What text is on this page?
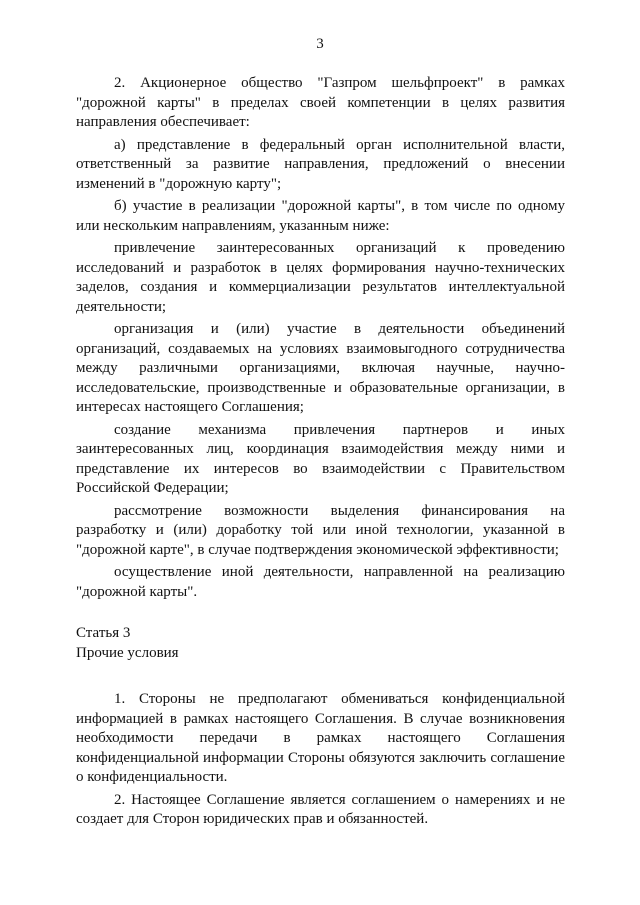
3

2. Акционерное общество "Газпром шельфпроект" в рамках "дорожной карты" в пределах своей компетенции в целях развития направления обеспечивает:

а) представление в федеральный орган исполнительной власти, ответственный за развитие направления, предложений о внесении изменений в "дорожную карту";

б) участие в реализации "дорожной карты", в том числе по одному или нескольким направлениям, указанным ниже:

привлечение заинтересованных организаций к проведению исследований и разработок в целях формирования научно-технических заделов, создания и коммерциализации результатов интеллектуальной деятельности;

организация и (или) участие в деятельности объединений организаций, создаваемых на условиях взаимовыгодного сотрудничества между различными организациями, включая научные, научно-исследовательские, производственные и образовательные организации, в интересах настоящего Соглашения;

создание механизма привлечения партнеров и иных заинтересованных лиц, координация взаимодействия между ними и представление их интересов во взаимодействии с Правительством Российской Федерации;

рассмотрение возможности выделения финансирования на разработку и (или) доработку той или иной технологии, указанной в "дорожной карте", в случае подтверждения экономической эффективности;

осуществление иной деятельности, направленной на реализацию "дорожной карты".

Статья 3

Прочие условия

1. Стороны не предполагают обмениваться конфиденциальной информацией в рамках настоящего Соглашения. В случае возникновения необходимости передачи в рамках настоящего Соглашения конфиденциальной информации Стороны обязуются заключить соглашение о конфиденциальности.

2. Настоящее Соглашение является соглашением о намерениях и не создает для Сторон юридических прав и обязанностей.
